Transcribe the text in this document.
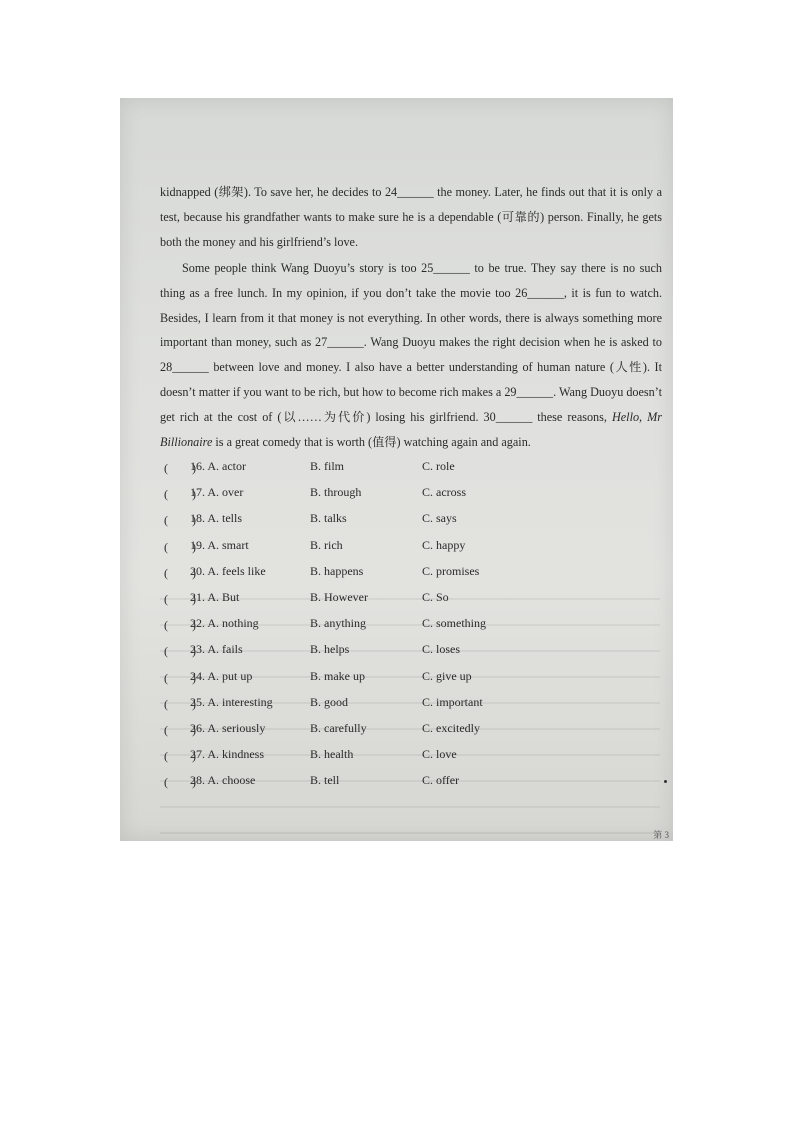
kidnapped (绑架). To save her, he decides to 24______ the money. Later, he finds out that it is only a test, because his grandfather wants to make sure he is a dependable (可靠的) person. Finally, he gets both the money and his girlfriend’s love.

Some people think Wang Duoyu’s story is too 25______ to be true. They say there is no such thing as a free lunch. In my opinion, if you don’t take the movie too 26______, it is fun to watch. Besides, I learn from it that money is not everything. In other words, there is always something more important than money, such as 27______. Wang Duoyu makes the right decision when he is asked to 28______ between love and money. I also have a better understanding of human nature (人性). It doesn’t matter if you want to be rich, but how to become rich makes a 29______. Wang Duoyu doesn’t get rich at the cost of (以……为代价) losing his girlfriend. 30______ these reasons, Hello, Mr Billionaire is a great comedy that is worth (值得) watching again and again.

(　　)
16. A. actor	B. film	C. role
(　　)
17. A. over	B. through	C. across
(　　)
18. A. tells	B. talks	C. says
(　　)
19. A. smart	B. rich	C. happy
(　　)
20. A. feels like	B. happens	C. promises
(　　)
21. A. But	B. However	C. So
(　　)
22. A. nothing	B. anything	C. something
(　　)
23. A. fails	B. helps	C. loses
(　　)
24. A. put up	B. make up	C. give up
(　　)
25. A. interesting	B. good	C. important
(　　)
26. A. seriously	B. carefully	C. excitedly
(　　)
27. A. kindness	B. health	C. love
(　　)
28. A. choose	B. tell	C. offer
第 3
